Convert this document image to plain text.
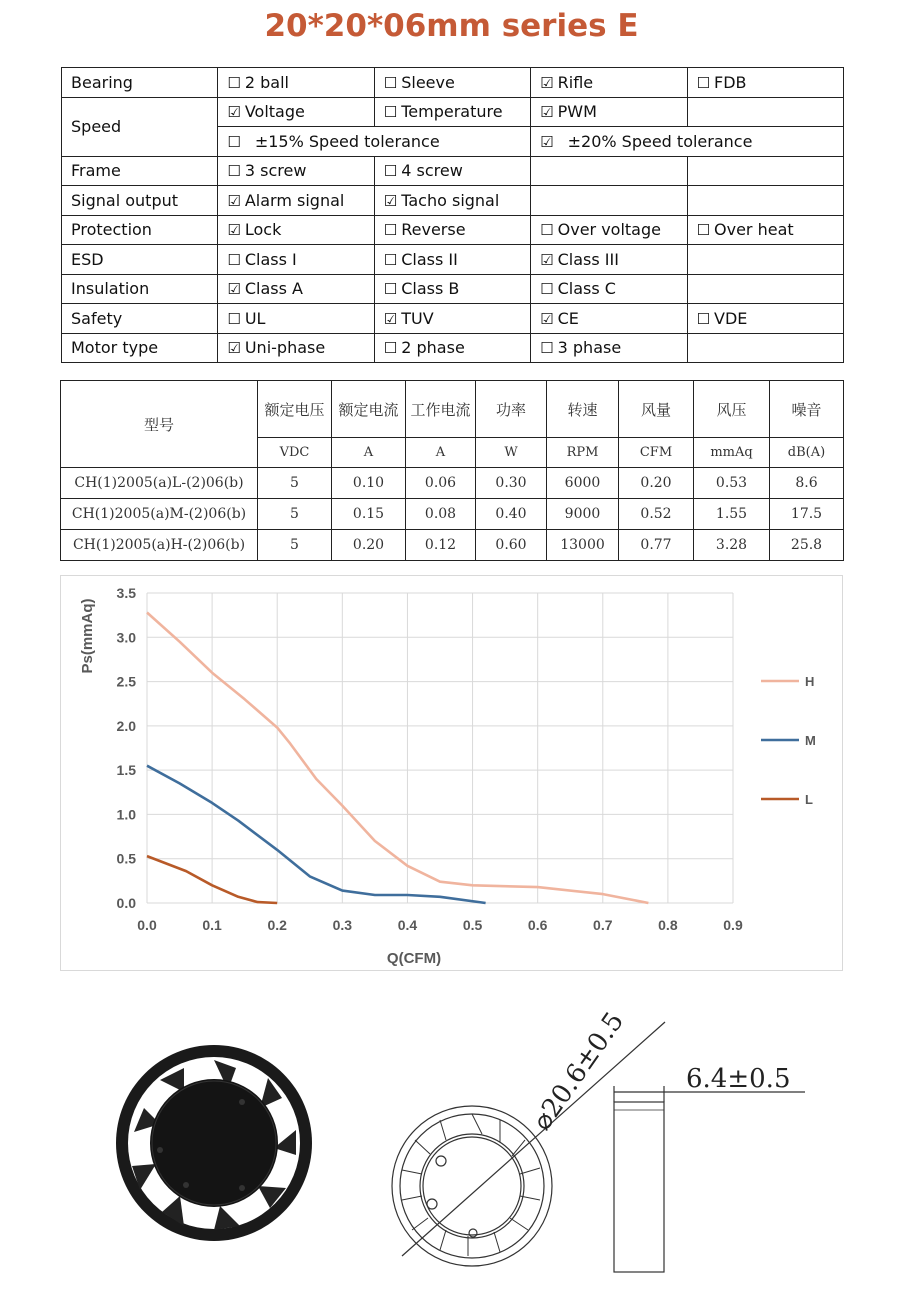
20*20*06mm series E
Bearing	☐ 2 ball	☐ Sleeve	☑ Rifle	☐ FDB
Speed	☑ Voltage	☐ Temperature	☑ PWM	
	☐ ±15% Speed tolerance		☑ ±20% Speed tolerance	
Frame	☐ 3 screw	☐ 4 screw		
Signal output	☑ Alarm signal	☑ Tacho signal		
Protection	☑ Lock	☐ Reverse	☐ Over voltage	☐ Over heat
ESD	☐ Class I	☐ Class II	☑ Class III	
Insulation	☑ Class A	☐ Class B	☐ Class C	
Safety	☐ UL	☑ TUV	☑ CE	☐ VDE
Motor type	☑ Uni-phase	☐ 2 phase	☐ 3 phase	
型号	额定电压	额定电流	工作电流	功率	转速	风量	风压	噪音
	VDC	A	A	W	RPM	CFM	mmAq	dB(A)
CH(1)2005(a)L-(2)06(b)	5	0.10	0.06	0.30	6000	0.20	0.53	8.6
CH(1)2005(a)M-(2)06(b)	5	0.15	0.08	0.40	9000	0.52	1.55	17.5
CH(1)2005(a)H-(2)06(b)	5	0.20	0.12	0.60	13000	0.77	3.28	25.8
0.0	0.1	0.2	0.3	0.4	0.5	0.6	0.7	0.8	0.9
0.0
0.5
1.0
1.5
2.0
2.5
3.0
3.5
Q(CFM)
Ps(mmAq)
H
M
L
⌀20.6±0.5 6.4±0.5
